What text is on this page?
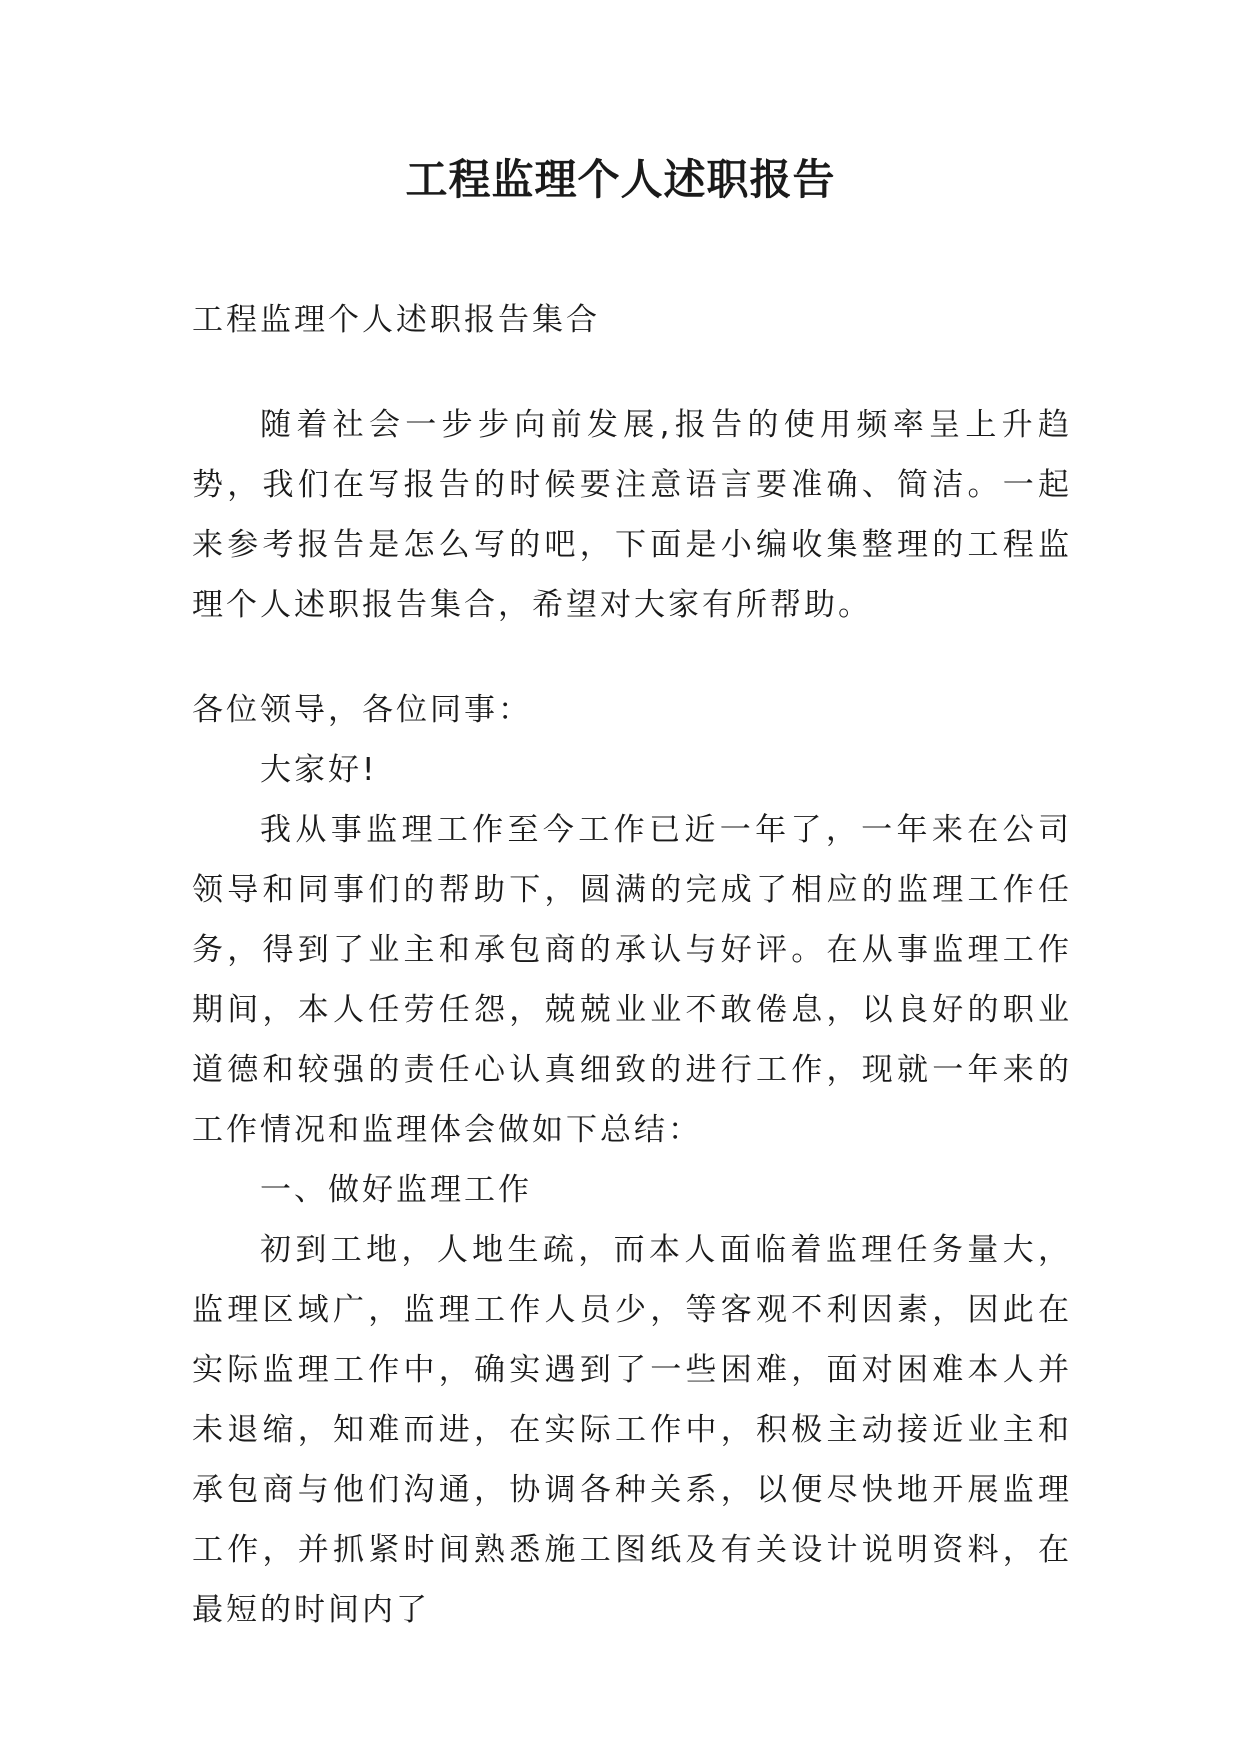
工程监理个人述职报告

工程监理个人述职报告集合

随着社会一步步向前发展,报告的使用频率呈上升趋势，我们在写报告的时候要注意语言要准确、简洁。一起来参考报告是怎么写的吧，下面是小编收集整理的工程监理个人述职报告集合，希望对大家有所帮助。

各位领导，各位同事：

大家好!

我从事监理工作至今工作已近一年了，一年来在公司领导和同事们的帮助下，圆满的完成了相应的监理工作任务，得到了业主和承包商的承认与好评。在从事监理工作期间，本人任劳任怨，兢兢业业不敢倦息，以良好的职业道德和较强的责任心认真细致的进行工作，现就一年来的工作情况和监理体会做如下总结：

一、做好监理工作

初到工地，人地生疏，而本人面临着监理任务量大，监理区域广，监理工作人员少，等客观不利因素，因此在实际监理工作中，确实遇到了一些困难，面对困难本人并未退缩，知难而进，在实际工作中，积极主动接近业主和承包商与他们沟通，协调各种关系，以便尽快地开展监理工作，并抓紧时间熟悉施工图纸及有关设计说明资料，在最短的时间内了
